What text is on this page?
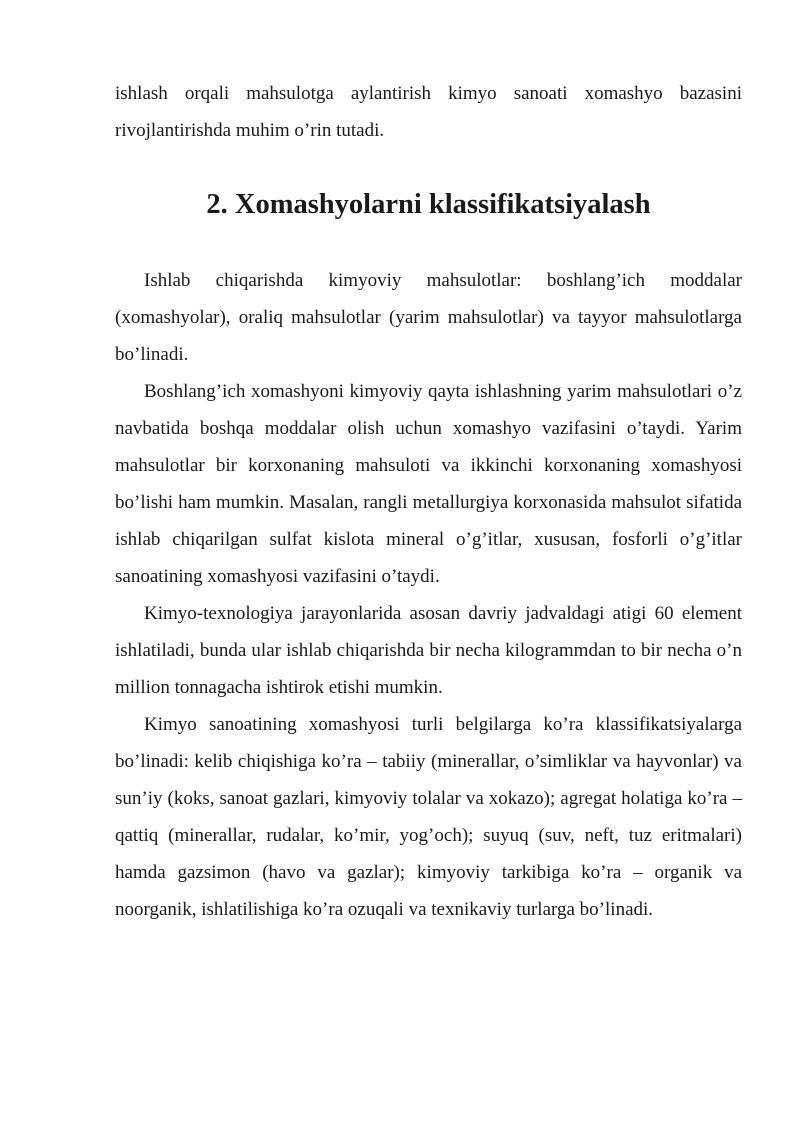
ishlash orqali mahsulotga aylantirish kimyo sanoati xomashyo bazasini rivojlantirishda muhim o’rin tutadi.

2. Xomashyolarni klassifikatsiyalash

Ishlab chiqarishda kimyoviy mahsulotlar: boshlang’ich moddalar (xomashyolar), oraliq mahsulotlar (yarim mahsulotlar) va tayyor mahsulotlarga bo’linadi.

Boshlang’ich xomashyoni kimyoviy qayta ishlashning yarim mahsulotlari o’z navbatida boshqa moddalar olish uchun xomashyo vazifasini o’taydi. Yarim mahsulotlar bir korxonaning mahsuloti va ikkinchi korxonaning xomashyosi bo’lishi ham mumkin. Masalan, rangli metallurgiya korxonasida mahsulot sifatida ishlab chiqarilgan sulfat kislota mineral o’g’itlar, xususan, fosforli o’g’itlar sanoatining xomashyosi vazifasini o’taydi.

Kimyo-texnologiya jarayonlarida asosan davriy jadvaldagi atigi 60 element ishlatiladi, bunda ular ishlab chiqarishda bir necha kilogrammdan to bir necha o’n million tonnagacha ishtirok etishi mumkin.

Kimyo sanoatining xomashyosi turli belgilarga ko’ra klassifikatsiyalarga bo’linadi: kelib chiqishiga ko’ra – tabiiy (minerallar, o’simliklar va hayvonlar) va sun’iy (koks, sanoat gazlari, kimyoviy tolalar va xokazo); agregat holatiga ko’ra – qattiq (minerallar, rudalar, ko’mir, yog’och); suyuq (suv, neft, tuz eritmalari) hamda gazsimon (havo va gazlar); kimyoviy tarkibiga ko’ra – organik va noorganik, ishlatilishiga ko’ra ozuqali va texnikaviy turlarga bo’linadi.
